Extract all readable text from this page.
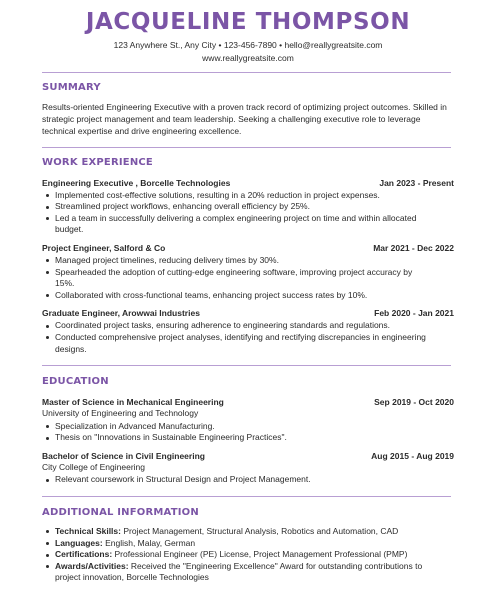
JACQUELINE THOMPSON
123 Anywhere St., Any City • 123-456-7890 • hello@reallygreatsite.com
www.reallygreatsite.com
SUMMARY
Results-oriented Engineering Executive with a proven track record of optimizing project outcomes. Skilled in strategic project management and team leadership. Seeking a challenging executive role to leverage technical expertise and drive engineering excellence.
WORK EXPERIENCE
Engineering Executive , Borcelle Technologies	Jan 2023 - Present
Implemented cost-effective solutions, resulting in a 20% reduction in project expenses.
Streamlined project workflows, enhancing overall efficiency by 25%.
Led a team in successfully delivering a complex engineering project on time and within allocated budget.
Project Engineer, Salford & Co	Mar 2021 - Dec 2022
Managed project timelines, reducing delivery times by 30%.
Spearheaded the adoption of cutting-edge engineering software, improving project accuracy by 15%.
Collaborated with cross-functional teams, enhancing project success rates by 10%.
Graduate Engineer, Arowwai Industries	Feb 2020 - Jan 2021
Coordinated project tasks, ensuring adherence to engineering standards and regulations.
Conducted comprehensive project analyses, identifying and rectifying discrepancies in engineering designs.
EDUCATION
Master of Science in Mechanical Engineering	Sep 2019 - Oct 2020
University of Engineering and Technology
Specialization in Advanced Manufacturing.
Thesis on "Innovations in Sustainable Engineering Practices".
Bachelor of Science in Civil Engineering	Aug 2015 - Aug 2019
City College of Engineering
Relevant coursework in Structural Design and Project Management.
ADDITIONAL INFORMATION
Technical Skills: Project Management, Structural Analysis, Robotics and Automation, CAD
Languages: English, Malay, German
Certifications: Professional Engineer (PE) License, Project Management Professional (PMP)
Awards/Activities: Received the "Engineering Excellence" Award for outstanding contributions to project innovation, Borcelle Technologies
